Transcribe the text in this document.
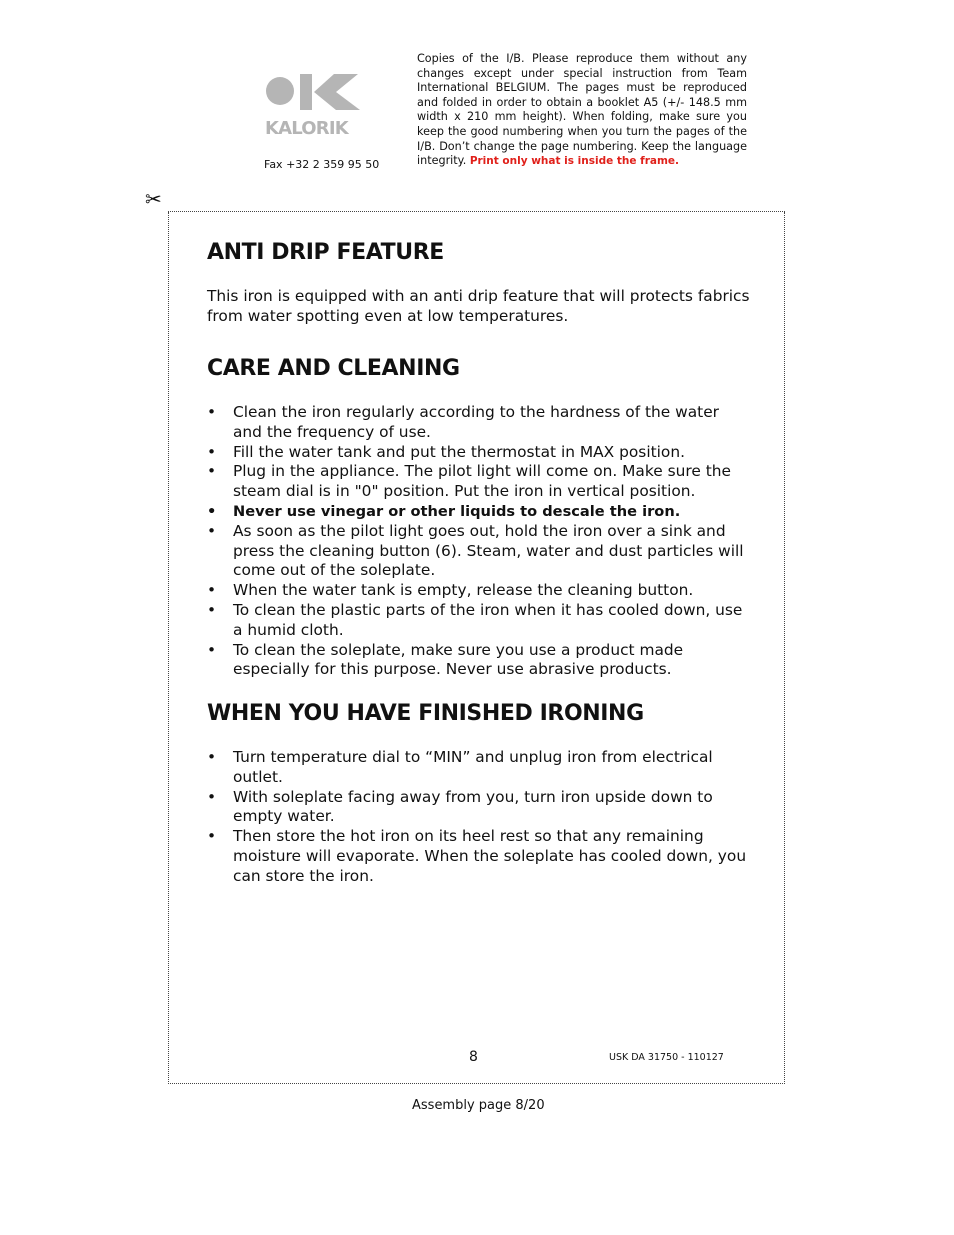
KALORIK
Fax +32 2 359 95 50
Copies of the I/B. Please reproduce them without any changes except under special instruction from Team International BELGIUM. The pages must be reproduced and folded in order to obtain a booklet A5 (+/- 148.5 mm width x 210 mm height). When folding, make sure you keep the good numbering when you turn the pages of the I/B. Don’t change the page numbering. Keep the language integrity. Print only what is inside the frame.
✂
ANTI DRIP FEATURE

This iron is equipped with an anti drip feature that will protects fabrics from water spotting even at low temperatures.

CARE AND CLEANING
• Clean the iron regularly according to the hardness of the water and the frequency of use.
• Fill the water tank and put the thermostat in MAX position.
• Plug in the appliance. The pilot light will come on. Make sure the steam dial is in "0" position. Put the iron in vertical position.
• Never use vinegar or other liquids to descale the iron.
• As soon as the pilot light goes out, hold the iron over a sink and press the cleaning button (6). Steam, water and dust particles will come out of the soleplate.
• When the water tank is empty, release the cleaning button.
• To clean the plastic parts of the iron when it has cooled down, use a humid cloth.
• To clean the soleplate, make sure you use a product made especially for this purpose. Never use abrasive products.
WHEN YOU HAVE FINISHED IRONING
• Turn temperature dial to “MIN” and unplug iron from electrical outlet.
• With soleplate facing away from you, turn iron upside down to empty water.
• Then store the hot iron on its heel rest so that any remaining moisture will evaporate. When the soleplate has cooled down, you can store the iron.
8	USK DA 31750 - 110127
Assembly page 8/20
